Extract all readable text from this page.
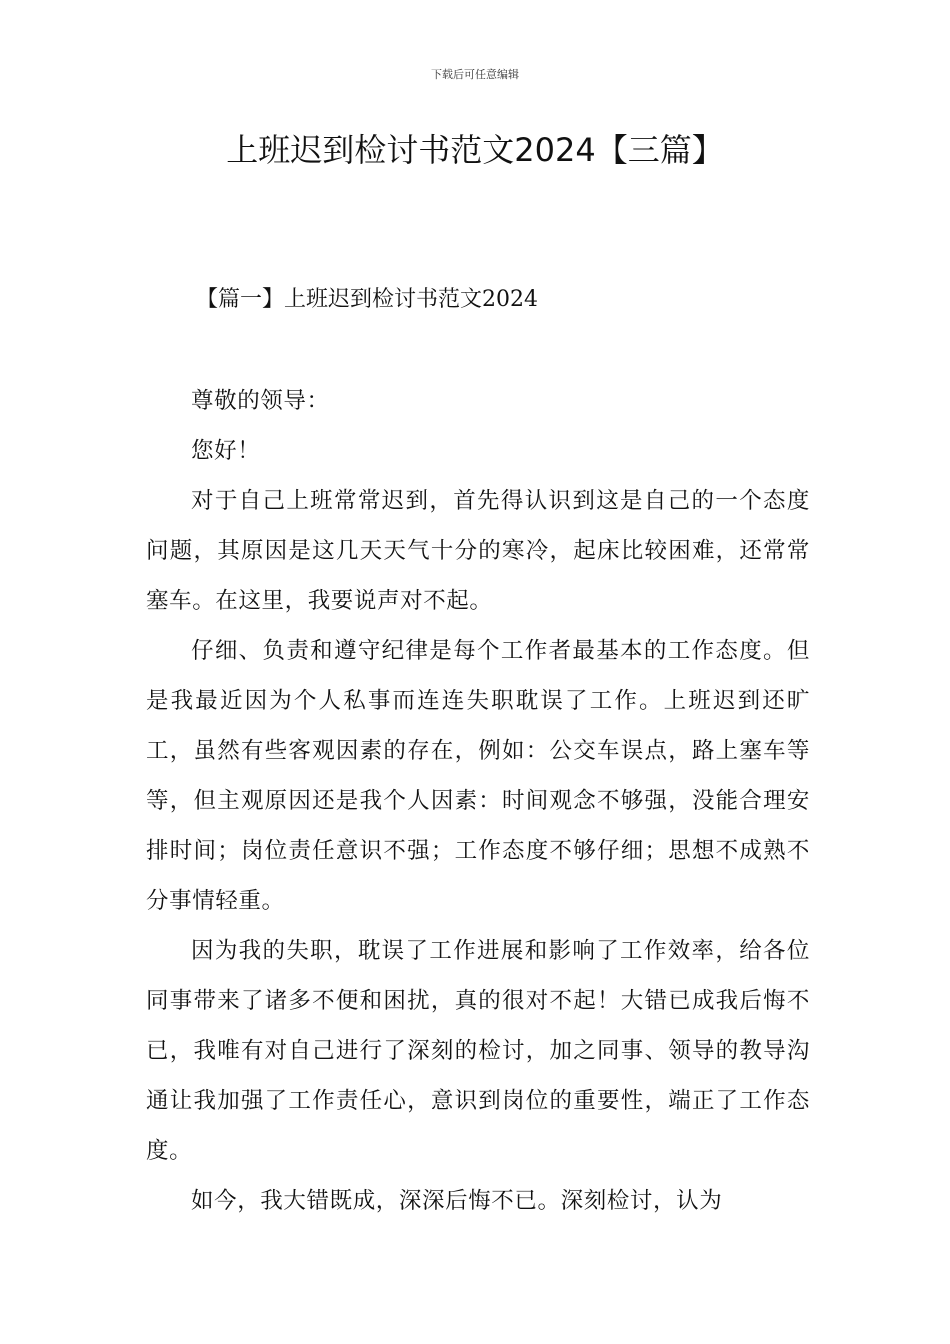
下载后可任意编辑
上班迟到检讨书范文2024【三篇】
【篇一】上班迟到检讨书范文2024

尊敬的领导：

您好！

对于自己上班常常迟到，首先得认识到这是自己的一个态度问题，其原因是这几天天气十分的寒冷，起床比较困难，还常常塞车。在这里，我要说声对不起。

仔细、负责和遵守纪律是每个工作者最基本的工作态度。但是我最近因为个人私事而连连失职耽误了工作。上班迟到还旷工，虽然有些客观因素的存在，例如：公交车误点，路上塞车等等，但主观原因还是我个人因素：时间观念不够强，没能合理安排时间；岗位责任意识不强；工作态度不够仔细；思想不成熟不分事情轻重。

因为我的失职，耽误了工作进展和影响了工作效率，给各位同事带来了诸多不便和困扰，真的很对不起！大错已成我后悔不已，我唯有对自己进行了深刻的检讨，加之同事、领导的教导沟通让我加强了工作责任心，意识到岗位的重要性，端正了工作态度。

如今，我大错既成，深深后悔不已。深刻检讨，认为
